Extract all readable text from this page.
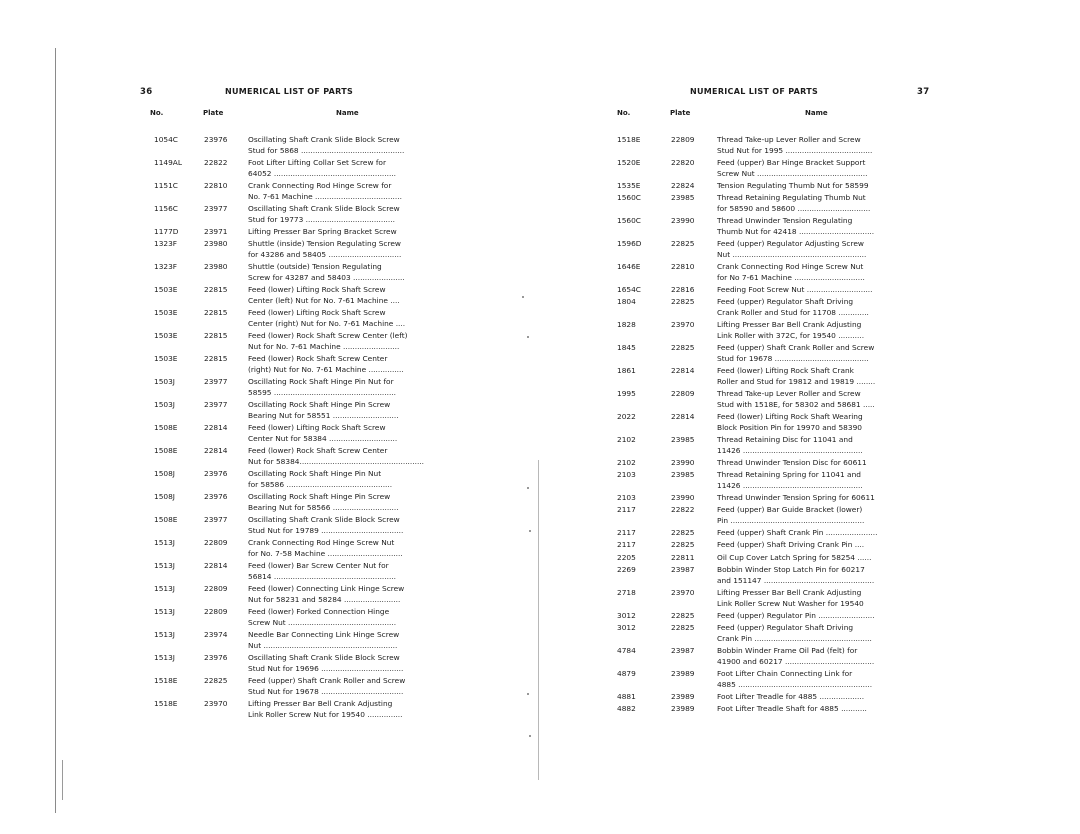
36	NUMERICAL LIST OF PARTS
No.	Plate	Name
1054C	23976	Oscillating Shaft Crank Slide Block Screw
Stud for 5868 ............................................
1149AL	22822	Foot Lifter Lifting Collar Set Screw for
64052 ....................................................
1151C	22810	Crank Connecting Rod Hinge Screw for
No. 7-61 Machine .....................................
1156C	23977	Oscillating Shaft Crank Slide Block Screw
Stud for 19773 ......................................
1177D	23971	Lifting Presser Bar Spring Bracket Screw
1323F	23980	Shuttle (inside) Tension Regulating Screw
for 43286 and 58405 ...............................
1323F	23980	Shuttle (outside) Tension Regulating
Screw for 43287 and 58403 ......................
1503E	22815	Feed (lower) Lifting Rock Shaft Screw
Center (left) Nut for No. 7-61 Machine ....
1503E	22815	Feed (lower) Lifting Rock Shaft Screw
Center (right) Nut for No. 7-61 Machine ....
1503E	22815	Feed (lower) Rock Shaft Screw Center (left)
Nut for No. 7-61 Machine ........................
1503E	22815	Feed (lower) Rock Shaft Screw Center
(right) Nut for No. 7-61 Machine ...............
1503J	23977	Oscillating Rock Shaft Hinge Pin Nut for
58595 ....................................................
1503J	23977	Oscillating Rock Shaft Hinge Pin Screw
Bearing Nut for 58551 ............................
1508E	22814	Feed (lower) Lifting Rock Shaft Screw
Center Nut for 58384 .............................
1508E	22814	Feed (lower) Rock Shaft Screw Center
Nut for 58384.....................................................
1508J	23976	Oscillating Rock Shaft Hinge Pin Nut
for 58586 .............................................
1508J	23976	Oscillating Rock Shaft Hinge Pin Screw
Bearing Nut for 58566 ............................
1508E	23977	Oscillating Shaft Crank Slide Block Screw
Stud Nut for 19789 ...................................
1513J	22809	Crank Connecting Rod Hinge Screw Nut
for No. 7-58 Machine ................................
1513J	22814	Feed (lower) Bar Screw Center Nut for
56814 ....................................................
1513J	22809	Feed (lower) Connecting Link Hinge Screw
Nut for 58231 and 58284 ........................
1513J	22809	Feed (lower) Forked Connection Hinge
Screw Nut ..............................................
1513J	23974	Needle Bar Connecting Link Hinge Screw
Nut .........................................................
1513J	23976	Oscillating Shaft Crank Slide Block Screw
Stud Nut for 19696 ...................................
1518E	22825	Feed (upper) Shaft Crank Roller and Screw
Stud Nut for 19678 ...................................
1518E	23970	Lifting Presser Bar Bell Crank Adjusting
Link Roller Screw Nut for 19540 ...............
NUMERICAL LIST OF PARTS	37
No.	Plate	Name
1518E	22809	Thread Take-up Lever Roller and Screw
Stud Nut for 1995 .....................................
1520E	22820	Feed (upper) Bar Hinge Bracket Support
Screw Nut ...............................................
1535E	22824	Tension Regulating Thumb Nut for 58599
1560C	23985	Thread Retaining Regulating Thumb Nut
for 58590 and 58600 ...............................
1560C	23990	Thread Unwinder Tension Regulating
Thumb Nut for 42418 ................................
1596D	22825	Feed (upper) Regulator Adjusting Screw
Nut .........................................................
1646E	22810	Crank Connecting Rod Hinge Screw Nut
for No 7-61 Machine ..............................
1654C	22816	Feeding Foot Screw Nut ............................
1804	22825	Feed (upper) Regulator Shaft Driving
Crank Roller and Stud for 11708 .............
1828	23970	Lifting Presser Bar Bell Crank Adjusting
Link Roller with 372C, for 19540 ...........
1845	22825	Feed (upper) Shaft Crank Roller and Screw
Stud for 19678 ........................................
1861	22814	Feed (lower) Lifting Rock Shaft Crank
Roller and Stud for 19812 and 19819 ........
1995	22809	Thread Take-up Lever Roller and Screw
Stud with 1518E, for 58302 and 58681 .....
2022	22814	Feed (lower) Lifting Rock Shaft Wearing
Block Position Pin for 19970 and 58390
2102	23985	Thread Retaining Disc for 11041 and
11426 ...................................................
2102	23990	Thread Unwinder Tension Disc for 60611
2103	23985	Thread Retaining Spring for 11041 and
11426 ...................................................
2103	23990	Thread Unwinder Tension Spring for 60611
2117	22822	Feed (upper) Bar Guide Bracket (lower)
Pin .........................................................
2117	22825	Feed (upper) Shaft Crank Pin ......................
2117	22825	Feed (upper) Shaft Driving Crank Pin ....
2205	22811	Oil Cup Cover Latch Spring for 58254 ......
2269	23987	Bobbin Winder Stop Latch Pin for 60217
and 151147 ...............................................
2718	23970	Lifting Presser Bar Bell Crank Adjusting
Link Roller Screw Nut Washer for 19540
3012	22825	Feed (upper) Regulator Pin ........................
3012	22825	Feed (upper) Regulator Shaft Driving
Crank Pin ..................................................
4784	23987	Bobbin Winder Frame Oil Pad (felt) for
41900 and 60217 ......................................
4879	23989	Foot Lifter Chain Connecting Link for
4885 .........................................................
4881	23989	Foot Lifter Treadle for 4885 ...................
4882	23989	Foot Lifter Treadle Shaft for 4885 ...........
